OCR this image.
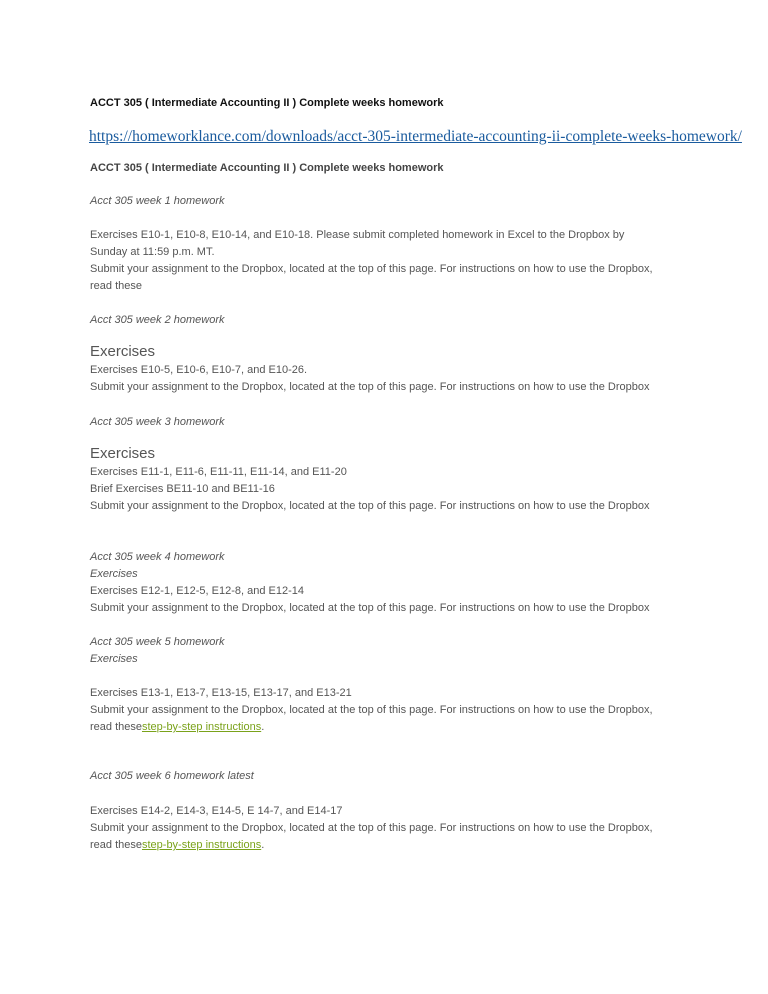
ACCT 305 ( Intermediate Accounting II ) Complete weeks homework
https://homeworklance.com/downloads/acct-305-intermediate-accounting-ii-complete-weeks-homework/
ACCT 305 ( Intermediate Accounting II ) Complete weeks homework
Acct 305 week 1 homework
Exercises E10-1, E10-8, E10-14, and E10-18. Please submit completed homework in Excel to the Dropbox by
Sunday at 11:59 p.m. MT.
Submit your assignment to the Dropbox, located at the top of this page. For instructions on how to use the Dropbox,
read these
Acct 305 week 2 homework
Exercises
Exercises E10-5, E10-6, E10-7, and E10-26.
Submit your assignment to the Dropbox, located at the top of this page. For instructions on how to use the Dropbox
Acct 305 week 3 homework
Exercises
Exercises E11-1, E11-6, E11-11, E11-14, and E11-20
Brief Exercises BE11-10 and BE11-16
Submit your assignment to the Dropbox, located at the top of this page. For instructions on how to use the Dropbox
Acct 305 week 4 homework
Exercises
Exercises E12-1, E12-5, E12-8, and E12-14
Submit your assignment to the Dropbox, located at the top of this page. For instructions on how to use the Dropbox
Acct 305 week 5 homework
Exercises
Exercises E13-1, E13-7, E13-15, E13-17, and E13-21
Submit your assignment to the Dropbox, located at the top of this page. For instructions on how to use the Dropbox,
read thesestep-by-step instructions.
Acct 305 week 6 homework latest
Exercises E14-2, E14-3, E14-5, E 14-7, and E14-17
Submit your assignment to the Dropbox, located at the top of this page. For instructions on how to use the Dropbox,
read thesestep-by-step instructions.
